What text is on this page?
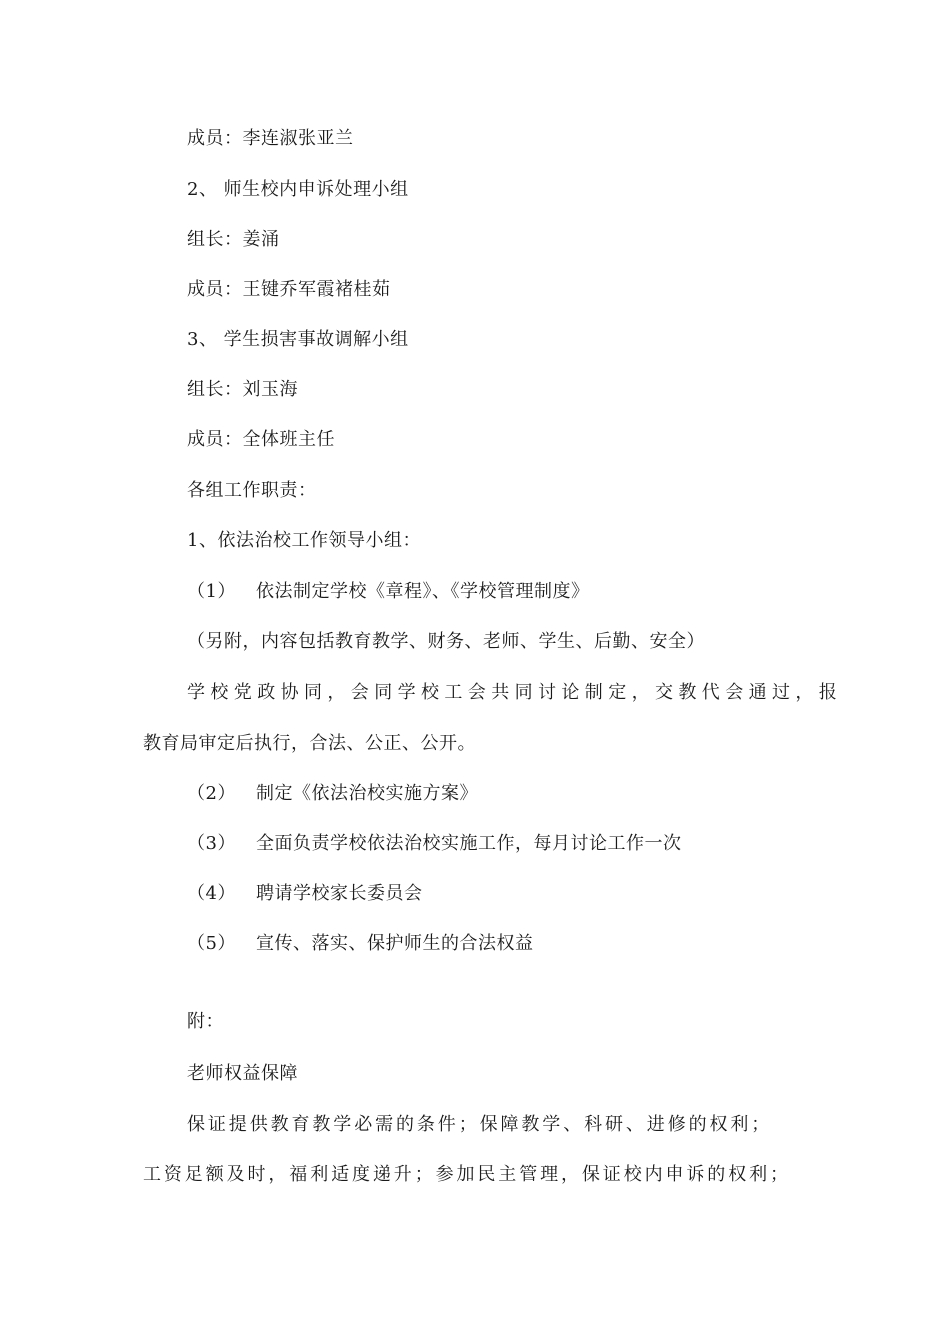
成员：李连淑张亚兰
2、 师生校内申诉处理小组
组长：姜涌
成员：王键乔军霞褚桂茹
3、 学生损害事故调解小组
组长：刘玉海
成员：全体班主任
各组工作职责：
1、依法治校工作领导小组：
（1） 依法制定学校《章程》、《学校管理制度》
（另附，内容包括教育教学、财务、老师、学生、后勤、安全）
学校党政协同，会同学校工会共同讨论制定，交教代会通过，报
教育局审定后执行，合法、公正、公开。
（2） 制定《依法治校实施方案》
（3） 全面负责学校依法治校实施工作，每月讨论工作一次
（4） 聘请学校家长委员会
（5） 宣传、落实、保护师生的合法权益
附：
老师权益保障
保证提供教育教学必需的条件；保障教学、科研、进修的权利；
工资足额及时，福利适度递升；参加民主管理，保证校内申诉的权利；
